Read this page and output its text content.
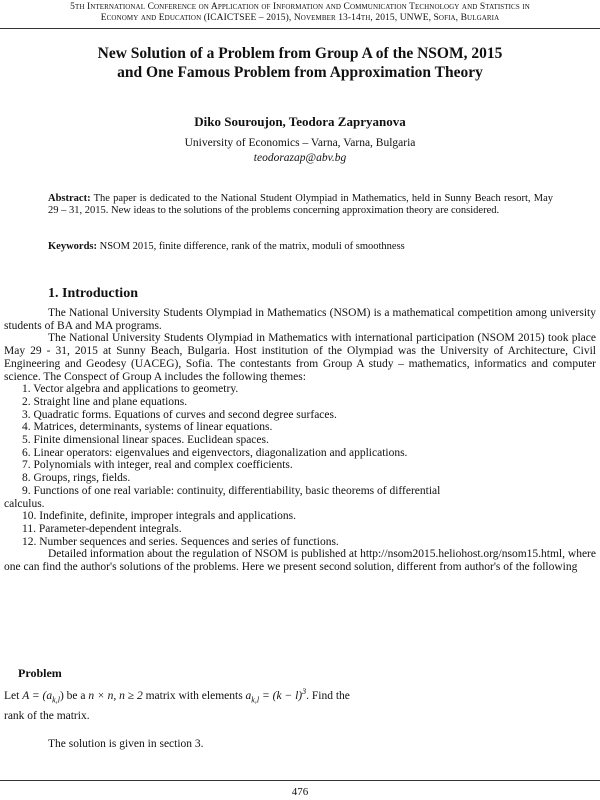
5th International Conference on Application of Information and Communication Technology and Statistics in
Economy and Education (ICAICTSEE – 2015), November 13-14th, 2015, UNWE, Sofia, Bulgaria
New Solution of a Problem from Group A of the NSOM, 2015
and One Famous Problem from Approximation Theory
Diko Souroujon, Teodora Zapryanova
University of Economics – Varna, Varna, Bulgaria
teodorazap@abv.bg
Abstract: The paper is dedicated to the National Student Olympiad in Mathematics, held in Sunny Beach resort, May 29 – 31, 2015. New ideas to the solutions of the problems concerning approximation theory are considered.
Keywords: NSOM 2015, finite difference, rank of the matrix, moduli of smoothness
1. Introduction

The National University Students Olympiad in Mathematics (NSOM) is a mathematical competition among university students of BA and MA programs.

The National University Students Olympiad in Mathematics with international participation (NSOM 2015) took place May 29 - 31, 2015 at Sunny Beach, Bulgaria. Host institution of the Olympiad was the University of Architecture, Civil Engineering and Geodesy (UACEG), Sofia. The contestants from Group A study – mathematics, informatics and computer science. The Conspect of Group A includes the following themes:

1. Vector algebra and applications to geometry.

2. Straight line and plane equations.

3. Quadratic forms. Equations of curves and second degree surfaces.

4. Matrices, determinants, systems of linear equations.

5. Finite dimensional linear spaces. Euclidean spaces.

6. Linear operators: eigenvalues and eigenvectors, diagonalization and applications.

7. Polynomials with integer, real and complex coefficients.

8. Groups, rings, fields.

9. Functions of one real variable: continuity, differentiability, basic theorems of differential

calculus.

10. Indefinite, definite, improper integrals and applications.

11. Parameter-dependent integrals.

12. Number sequences and series. Sequences and series of functions.

Detailed information about the regulation of NSOM is published at http://nsom2015.heliohost.org/nsom15.html, where one can find the author's solutions of the problems. Here we present second solution, different from author's of the following

Problem
Let $A = (a_{k,l})$ be a n × n, n ≥ 2 matrix with elements $a_{k,l} = (k - l)^3$. Find the
rank of the matrix.
The solution is given in section 3.
476
